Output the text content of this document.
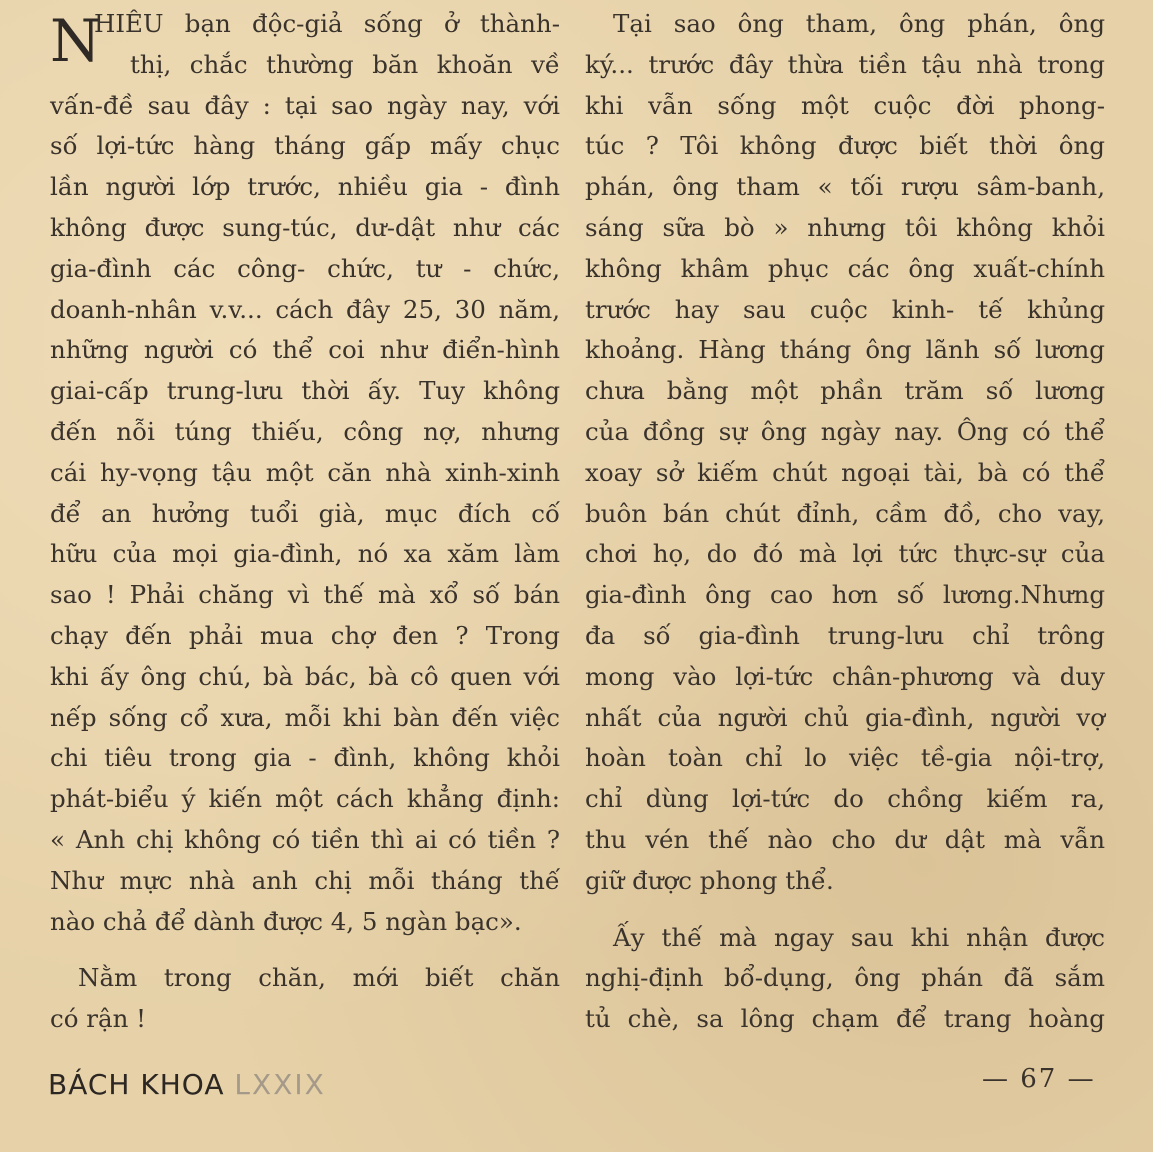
N
HIÊU bạn độc-giả sống ở thành-
thị, chắc thường băn khoăn về
vấn-đề sau đây : tại sao ngày nay, với
số lợi-tức hàng tháng gấp mấy chục
lần người lớp trước, nhiều gia - đình
không được sung-túc, dư-dật như các
gia-đình các công- chức, tư - chức,
doanh-nhân v.v... cách đây 25, 30 năm,
những người có thể coi như điển-hình
giai-cấp trung-lưu thời ấy. Tuy không
đến nỗi túng thiếu, công nợ, nhưng
cái hy-vọng tậu một căn nhà xinh-xinh
để an hưởng tuổi già, mục đích cố
hữu của mọi gia-đình, nó xa xăm làm
sao ! Phải chăng vì thế mà xổ số bán
chạy đến phải mua chợ đen ? Trong
khi ấy ông chú, bà bác, bà cô quen với
nếp sống cổ xưa, mỗi khi bàn đến việc
chi tiêu trong gia - đình, không khỏi
phát-biểu ý kiến một cách khẳng định:
« Anh chị không có tiền thì ai có tiền ?
Như mực nhà anh chị mỗi tháng thế
nào chả để dành được 4, 5 ngàn bạc».
Nằm trong chăn, mới biết chăn
có rận !
Tại sao ông tham, ông phán, ông
ký... trước đây thừa tiền tậu nhà trong
khi vẫn sống một cuộc đời phong-
túc ? Tôi không được biết thời ông
phán, ông tham « tối rượu sâm-banh,
sáng sữa bò » nhưng tôi không khỏi
không khâm phục các ông xuất-chính
trước hay sau cuộc kinh- tế khủng
khoảng. Hàng tháng ông lãnh số lương
chưa bằng một phần trăm số lương
của đồng sự ông ngày nay. Ông có thể
xoay sở kiếm chút ngoại tài, bà có thể
buôn bán chút đỉnh, cầm đồ, cho vay,
chơi họ, do đó mà lợi tức thực-sự của
gia-đình ông cao hơn số lương.Nhưng
đa số gia-đình trung-lưu chỉ trông
mong vào lợi-tức chân-phương và duy
nhất của người chủ gia-đình, người vợ
hoàn toàn chỉ lo việc tề-gia nội-trợ,
chỉ dùng lợi-tức do chồng kiếm ra,
thu vén thế nào cho dư dật mà vẫn
giữ được phong thể.
Ấy thế mà ngay sau khi nhận được
nghị-định bổ-dụng, ông phán đã sắm
tủ chè, sa lông chạm để trang hoàng
BÁCH KHOA LXXIX	— 67 —
